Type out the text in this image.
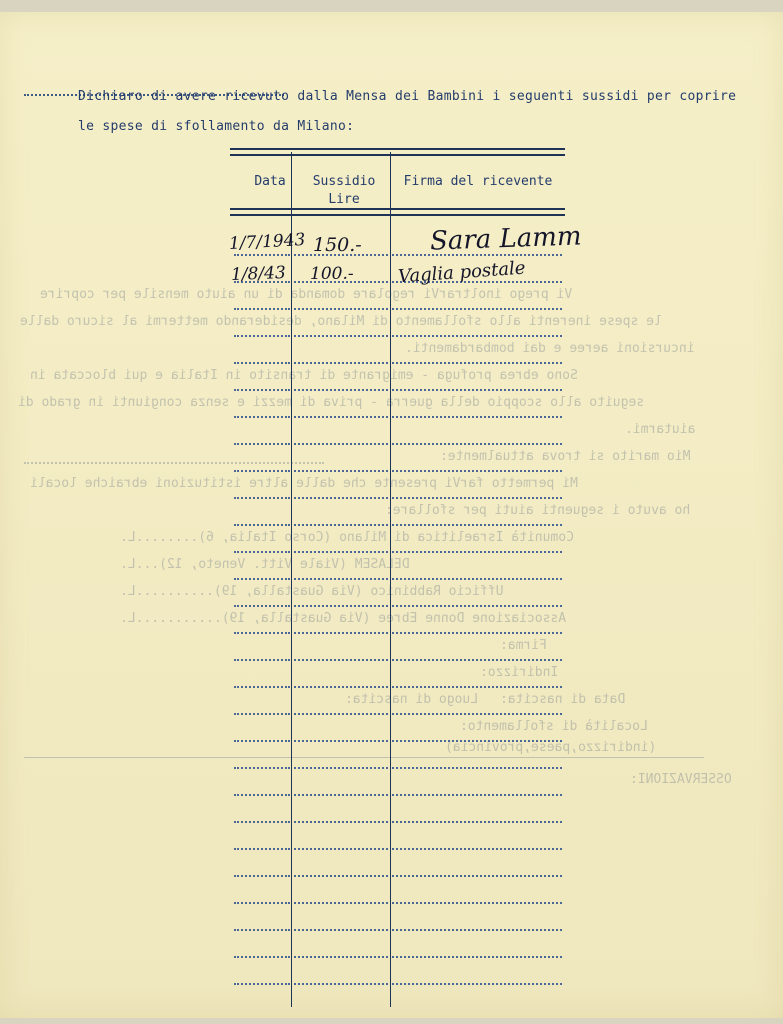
Vi prego inoltrarVi regolare domanda di un aiuto mensile per coprire
le spese inerenti allo sfollamento di Milano, desiderando mettermi al sicuro dalle
incursioni aeree e dai bombardamenti.
Sono ebrea profuga - emigrante di transito in Italia e qui bloccata in
seguito allo scoppio della guerra - priva di mezzi e senza congiunti in grado di
aiutarmi.
Mio marito si trova attualmente:
Mi permetto farVi presente che dalle altre istituzioni ebraiche locali
ho avuto i seguenti aiuti per sfollare:
Comunità Israelitica di Milano (Corso Italia, 6)........L.
DELASEM (Viale Vitt. Veneto, 12)...L.
Ufficio Rabbinico (Via Guastalla, 19)..........L.
Associazione Donne Ebree (Via Guastalla, 19)...........L.
Firma:
Indirizzo:
Data di nascita:
Luogo di nascita:
Località di sfollamento:
(indirizzo,paese,provincia)
OSSERVAZIONI:
Dichiaro di avere ricevuto dalla Mensa dei Bambini i seguenti sussidi per coprire
le spese di sfollamento da Milano:
Data	Sussidio
Lire
Firma del ricevente
1/7/1943 150.-	Sara Lamm
1/8/43 100.- Vaglia postale
